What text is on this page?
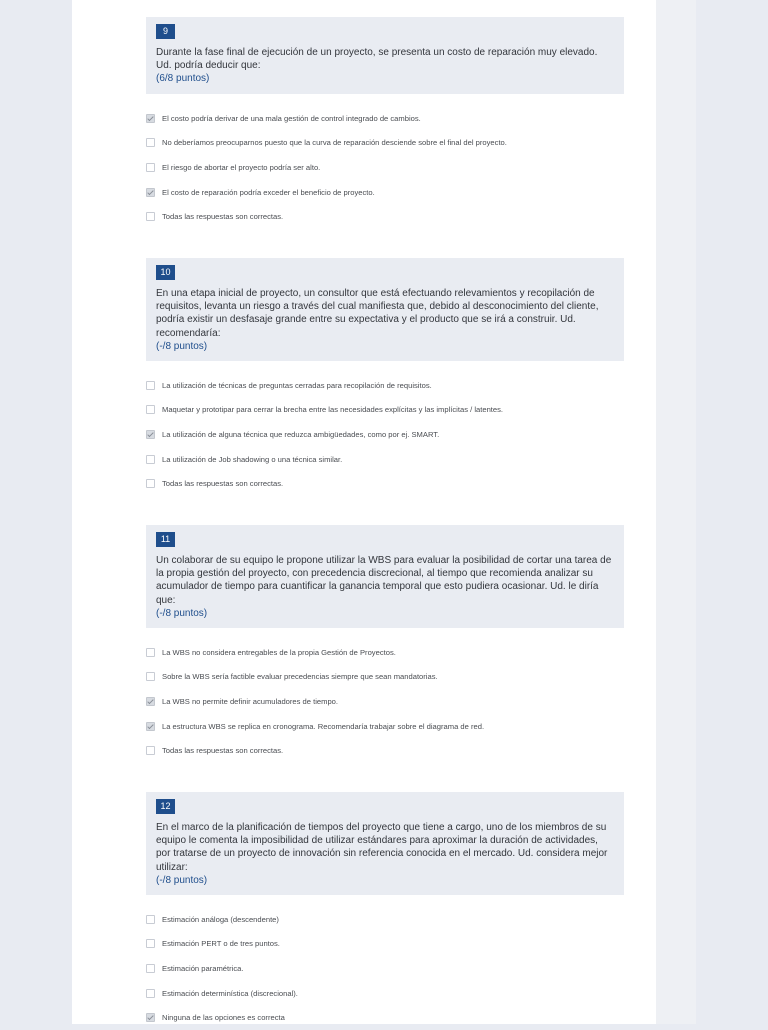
9
Durante la fase final de ejecución de un proyecto, se presenta un costo de reparación muy elevado. Ud. podría deducir que:
(6/8 puntos)
El costo podría derivar de una mala gestión de control integrado de cambios.
No deberíamos preocuparnos puesto que la curva de reparación desciende sobre el final del proyecto.
El riesgo de abortar el proyecto podría ser alto.
El costo de reparación podría exceder el beneficio de proyecto.
Todas las respuestas son correctas.
10
En una etapa inicial de proyecto, un consultor que está efectuando relevamientos y recopilación de requisitos, levanta un riesgo a través del cual manifiesta que, debido al desconocimiento del cliente, podría existir un desfasaje grande entre su expectativa y el producto que se irá a construir. Ud. recomendaría:
(-/8 puntos)
La utilización de técnicas de preguntas cerradas para recopilación de requisitos.
Maquetar y prototipar para cerrar la brecha entre las necesidades explícitas y las implícitas / latentes.
La utilización de alguna técnica que reduzca ambigüedades, como por ej. SMART.
La utilización de Job shadowing o una técnica similar.
Todas las respuestas son correctas.
11
Un colaborar de su equipo le propone utilizar la WBS para evaluar la posibilidad de cortar una tarea de la propia gestión del proyecto, con precedencia discrecional, al tiempo que recomienda analizar su acumulador de tiempo para cuantificar la ganancia temporal que esto pudiera ocasionar. Ud. le diría que:
(-/8 puntos)
La WBS no considera entregables de la propia Gestión de Proyectos.
Sobre la WBS sería factible evaluar precedencias siempre que sean mandatorias.
La WBS no permite definir acumuladores de tiempo.
La estructura WBS se replica en cronograma. Recomendaría trabajar sobre el diagrama de red.
Todas las respuestas son correctas.
12
En el marco de la planificación de tiempos del proyecto que tiene a cargo, uno de los miembros de su equipo le comenta la imposibilidad de utilizar estándares para aproximar la duración de actividades, por tratarse de un proyecto de innovación sin referencia conocida en el mercado. Ud. considera mejor utilizar:
(-/8 puntos)
Estimación análoga (descendente)
Estimación PERT o de tres puntos.
Estimación paramétrica.
Estimación determinística (discrecional).
Ninguna de las opciones es correcta
